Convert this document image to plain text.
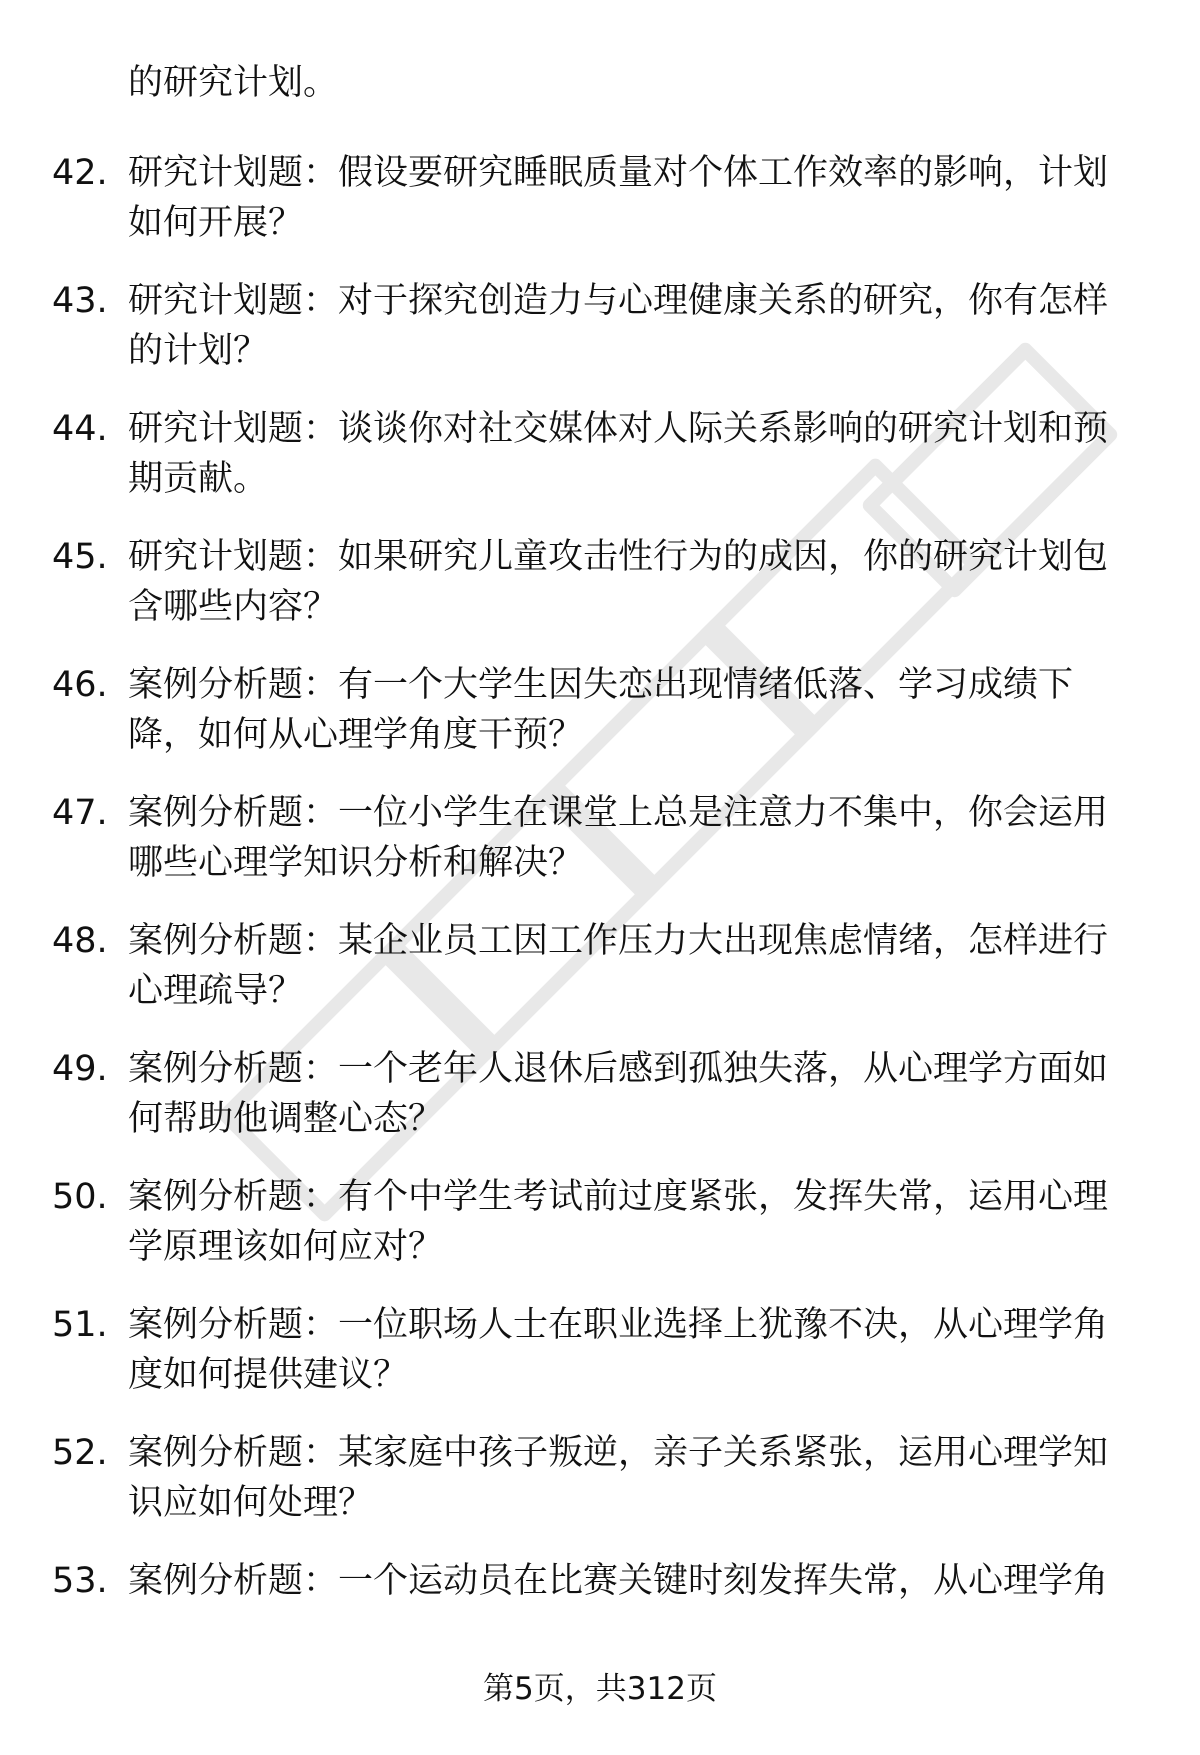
的研究计划。
42. 研究计划题：假设要研究睡眠质量对个体工作效率的影响，计划如何开展？
43. 研究计划题：对于探究创造力与心理健康关系的研究，你有怎样的计划？
44. 研究计划题：谈谈你对社交媒体对人际关系影响的研究计划和预期贡献。
45. 研究计划题：如果研究儿童攻击性行为的成因，你的研究计划包含哪些内容？
46. 案例分析题：有一个大学生因失恋出现情绪低落、学习成绩下降，如何从心理学角度干预？
47. 案例分析题：一位小学生在课堂上总是注意力不集中，你会运用哪些心理学知识分析和解决？
48. 案例分析题：某企业员工因工作压力大出现焦虑情绪，怎样进行心理疏导？
49. 案例分析题：一个老年人退休后感到孤独失落，从心理学方面如何帮助他调整心态？
50. 案例分析题：有个中学生考试前过度紧张，发挥失常，运用心理学原理该如何应对？
51. 案例分析题：一位职场人士在职业选择上犹豫不决，从心理学角度如何提供建议？
52. 案例分析题：某家庭中孩子叛逆，亲子关系紧张，运用心理学知识应如何处理？
53. 案例分析题：一个运动员在比赛关键时刻发挥失常，从心理学角
第5页，共312页
